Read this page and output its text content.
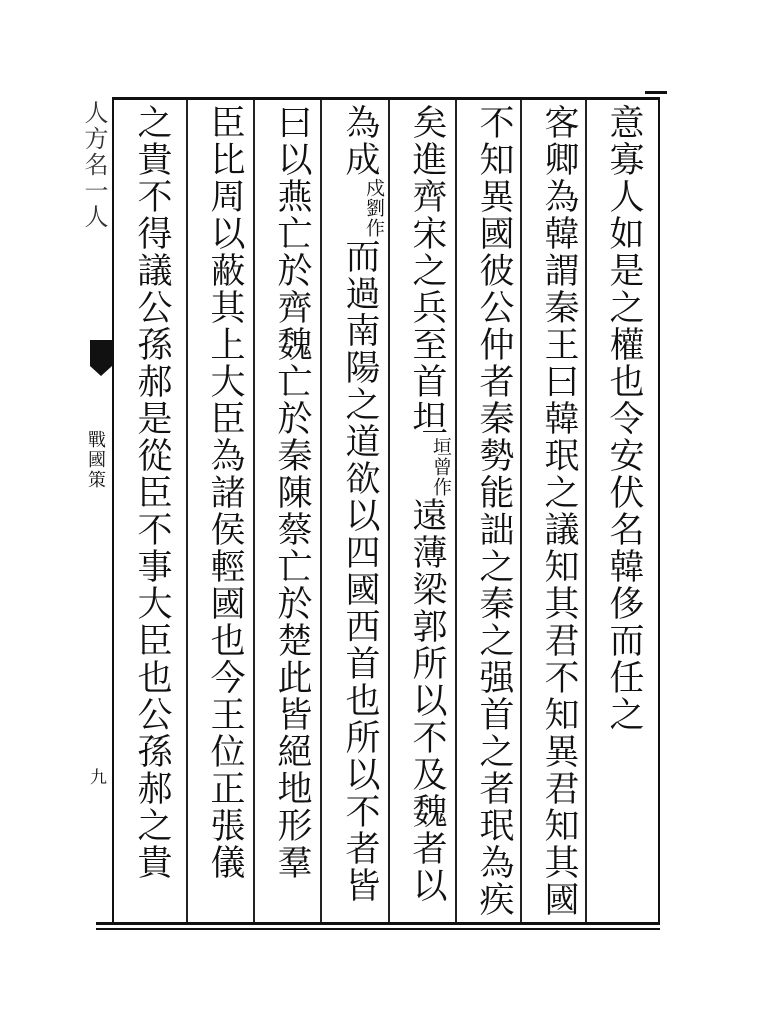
人方名一人
戰國策
九
意寡人如是之權也令安伏名韓侈而任之
客卿為韓謂秦王曰韓珉之議知其君不知異君知其國
不知異國彼公仲者秦勢能詘之秦之强首之者珉為疾
矣進齊宋之兵至首坦
曾作
垣
遠薄梁郭所以不及魏者以
為成
劉作
戍
而過南陽之道欲以四國西首也所以不者皆
曰以燕亡於齊魏亡於秦陳蔡亡於楚此皆絕地形羣
臣比周以蔽其上大臣為諸侯輕國也今王位正張儀
之貴不得議公孫郝是從臣不事大臣也公孫郝之貴
